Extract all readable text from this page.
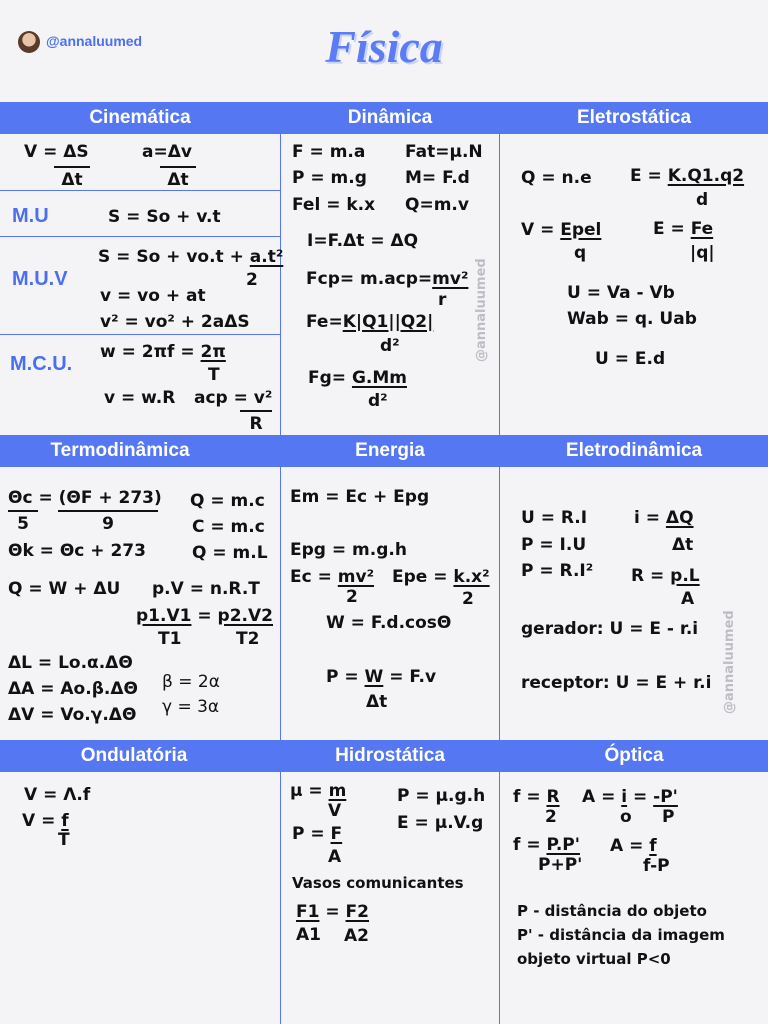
@annaluumed	Física
Cinemática	Dinâmica	Eletrostática
Termodinâmica	Energia	Eletrodinâmica
Ondulatória	Hidrostática	Óptica
V = ΔS
Δt
a=Δv
Δt
M.U	S = So + v.t
M.U.V
S = So + vo.t + a.t²
2
v = vo + at
v² = vo² + 2aΔS
M.C.U.
w = 2πf = 2π
T
v = w.R acp = v²
R
F = m.a Fat=μ.N
P = m.g M= F.d
Fel = k.x Q=m.v
I=F.Δt = ΔQ
Fcp= m.acp=mv²
r
Fe=K|Q1||Q2|
d²
Fg= G.Mm
d²
@annaluumed
Q = n.e E = K.Q1.q2
d
V = Epel
q
E = Fe
|q|
U = Va - Vb
Wab = q. Uab
U = E.d
Θc = (ΘF + 273)
5	9
Q = m.c
C = m.c
Q = m.L
Θk = Θc + 273
Q = W + ΔU p.V = n.R.T
p1.V1 = p2.V2
T1	T2
ΔL = Lo.α.ΔΘ
ΔA = Ao.β.ΔΘ
ΔV = Vo.γ.ΔΘ
β = 2α
γ = 3α
Em = Ec + Epg
Epg = m.g.h
Ec = mv²
2
Epe = k.x²
2
W = F.d.cosΘ
P = W = F.v
Δt
U = R.I	i = ΔQ
Δt
P = I.U
P = R.I² R = p.L
A
gerador: U = E - r.i
receptor: U = E + r.i @annaluumed
V = Λ.f
V = f
T
μ = m
V
P = μ.g.h
P = F
A
E = μ.V.g
Vasos comunicantes
F1 = F2
A1 A2
f = R
2
A = i = -P'
o P
f = P.P'
P+P'
A = f
f-P
P - distância do objeto
P' - distância da imagem
objeto virtual P<0
